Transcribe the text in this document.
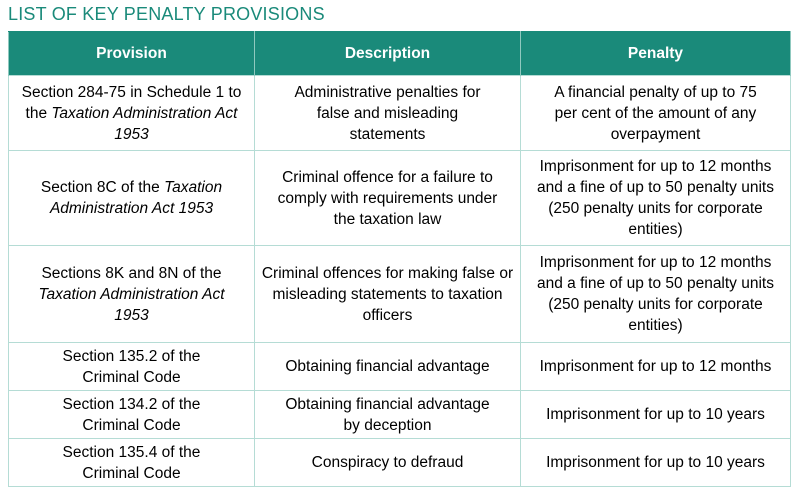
LIST OF KEY PENALTY PROVISIONS
Provision	Description	Penalty
Section 284-75 in Schedule 1 to the Taxation Administration Act 1953	Administrative penalties for false and misleading statements	A financial penalty of up to 75 per cent of the amount of any overpayment
Section 8C of the Taxation Administration Act 1953	Criminal offence for a failure to comply with requirements under the taxation law	Imprisonment for up to 12 months and a fine of up to 50 penalty units (250 penalty units for corporate entities)
Sections 8K and 8N of the Taxation Administration Act 1953	Criminal offences for making false or misleading statements to taxation officers	Imprisonment for up to 12 months and a fine of up to 50 penalty units (250 penalty units for corporate entities)
Section 135.2 of the Criminal Code	Obtaining financial advantage	Imprisonment for up to 12 months
Section 134.2 of the Criminal Code	Obtaining financial advantage by deception	Imprisonment for up to 10 years
Section 135.4 of the Criminal Code	Conspiracy to defraud	Imprisonment for up to 10 years
